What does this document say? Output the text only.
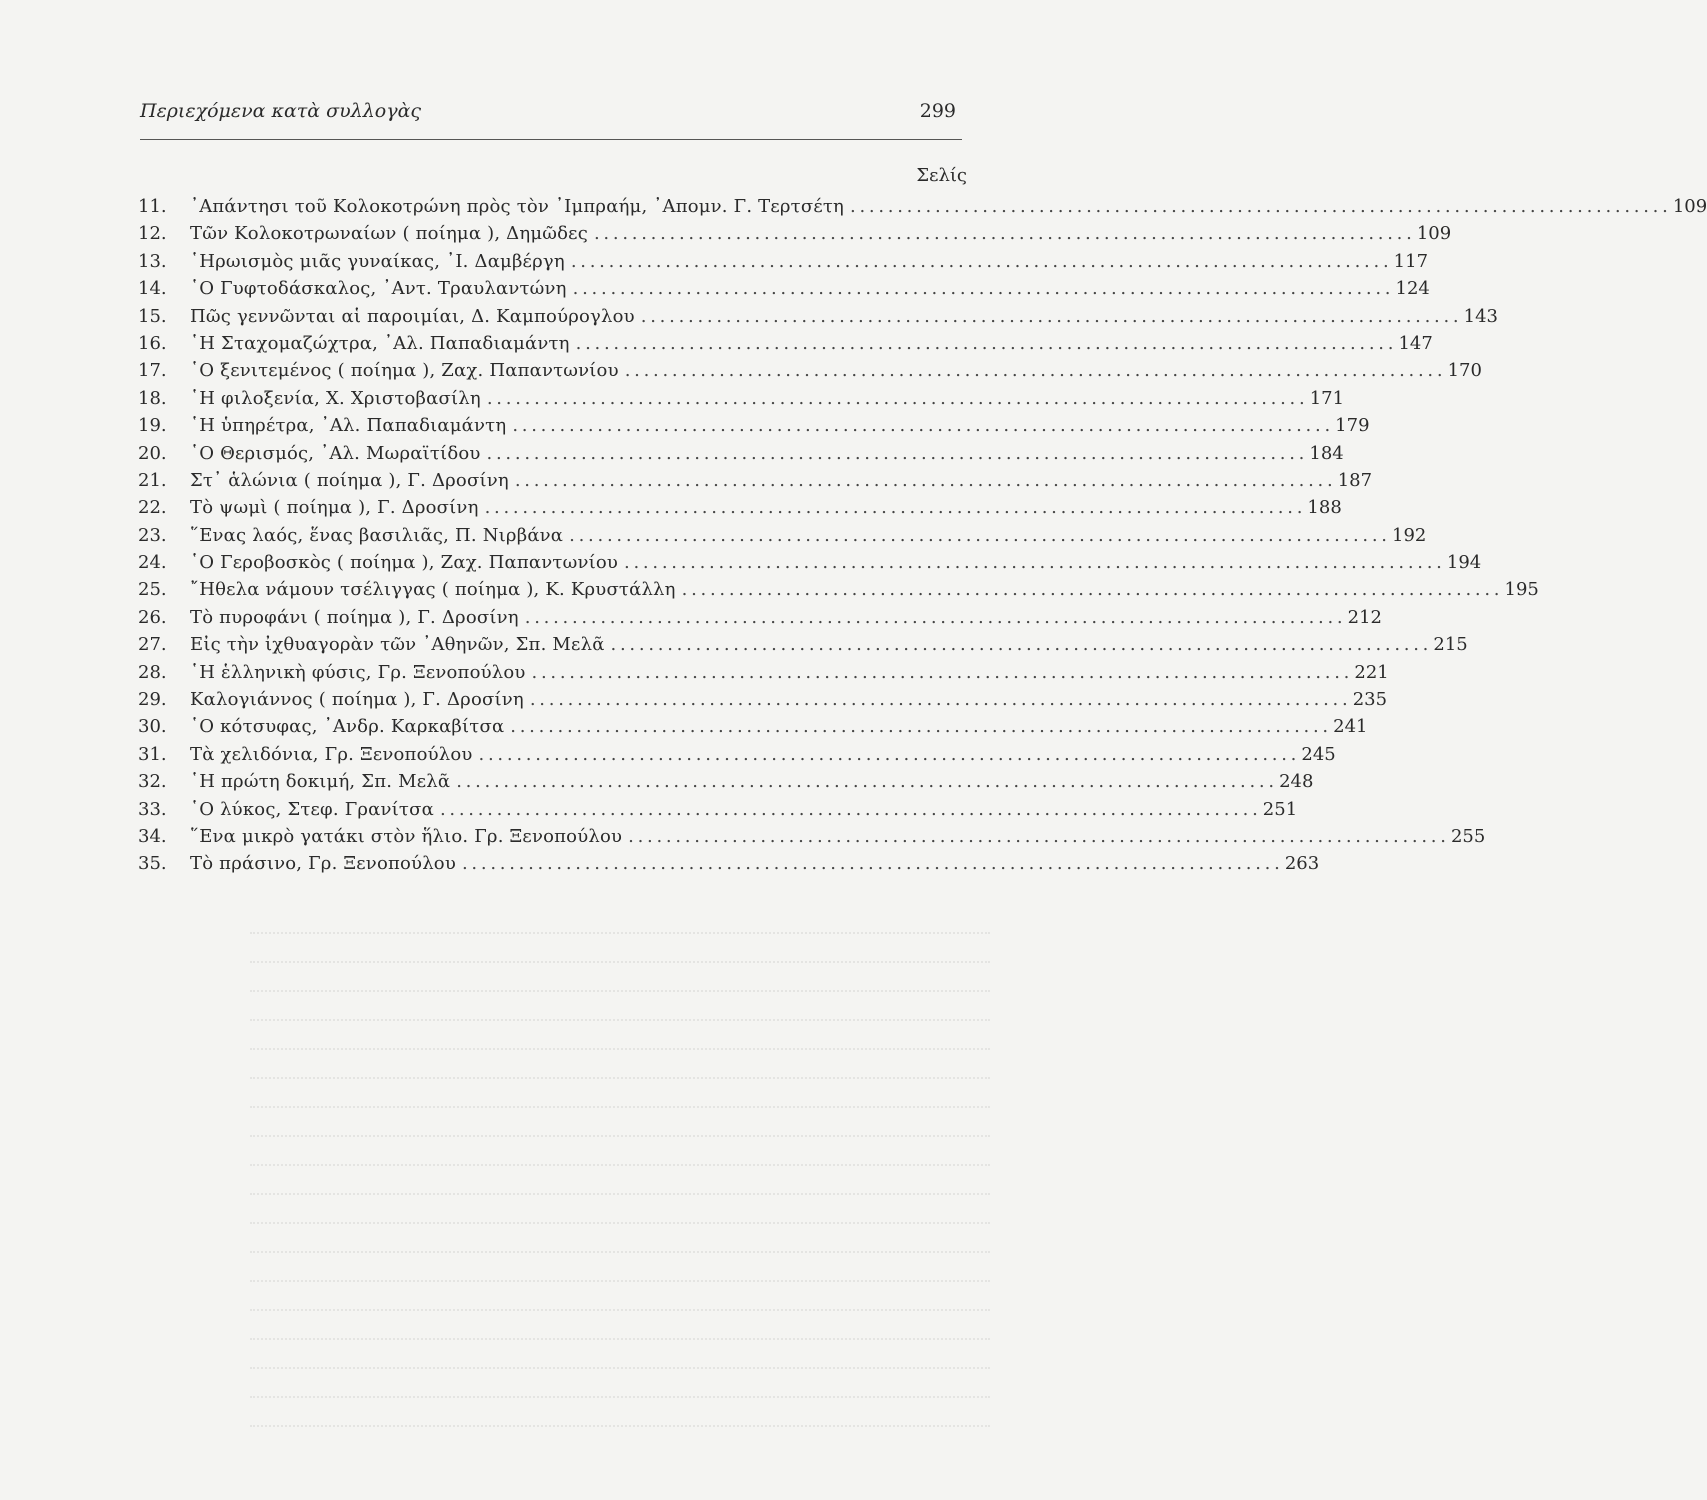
Περιεχόμενα κατὰ συλλογὰς	299
Σελίς
11.	᾿Απάντησι τοῦ Κολοκοτρώνη πρὸς τὸν ᾿Ιμπραήμ, ᾿Απομν. Γ. Τερτσέτη . . .	109
12.	Τῶν Κολοκοτρωναίων ( ποίημα ), Δημῶδες . . .	109
13.	῾Ηρωισμὸς μιᾶς γυναίκας, ᾿Ι. Δαμβέργη . . .	117
14.	῾Ο Γυφτοδάσκαλος, ᾿Αντ. Τραυλαντώνη . . .	124
15.	Πῶς γεννῶνται αἱ παροιμίαι, Δ. Καμπούρογλου . . .	143
16.	῾Η Σταχομαζώχτρα, ᾿Αλ. Παπαδιαμάντη . . .	147
17.	῾Ο ξενιτεμένος ( ποίημα ), Ζαχ. Παπαντωνίου . . .	170
18.	῾Η φιλοξενία, Χ. Χριστοβασίλη . . .	171
19.	῾Η ὑπηρέτρα, ᾿Αλ. Παπαδιαμάντη . . .	179
20.	῾Ο Θερισμός, ᾿Αλ. Μωραϊτίδου . . .	184
21.	Στ᾿ ἁλώνια ( ποίημα ), Γ. Δροσίνη . . .	187
22.	Τὸ ψωμὶ ( ποίημα ), Γ. Δροσίνη . . .	188
23.	῞Ενας λαός, ἕνας βασιλιᾶς, Π. Νιρβάνα . . .	192
24.	῾Ο Γεροβοσκὸς ( ποίημα ), Ζαχ. Παπαντωνίου . . .	194
25.	῎Ηθελα νάμουν τσέλιγγας ( ποίημα ), Κ. Κρυστάλλη . . .	195
26.	Τὸ πυροφάνι ( ποίημα ), Γ. Δροσίνη . . .	212
27.	Εἰς τὴν ἰχθυαγορὰν τῶν ᾿Αθηνῶν, Σπ. Μελᾶ . . .	215
28.	῾Η ἑλληνικὴ φύσις, Γρ. Ξενοπούλου . . .	221
29.	Καλογιάννος ( ποίημα ), Γ. Δροσίνη . . .	235
30.	῾Ο κότσυφας, ᾿Ανδρ. Καρκαβίτσα . . .	241
31.	Τὰ χελιδόνια, Γρ. Ξενοπούλου . . .	245
32.	῾Η πρώτη δοκιμή, Σπ. Μελᾶ . . .	248
33.	῾Ο λύκος, Στεφ. Γρανίτσα . . .	251
34.	῞Ενα μικρὸ γατάκι στὸν ἥλιο. Γρ. Ξενοπούλου . . .	255
35.	Τὸ πράσινο, Γρ. Ξενοπούλου . . .	263
